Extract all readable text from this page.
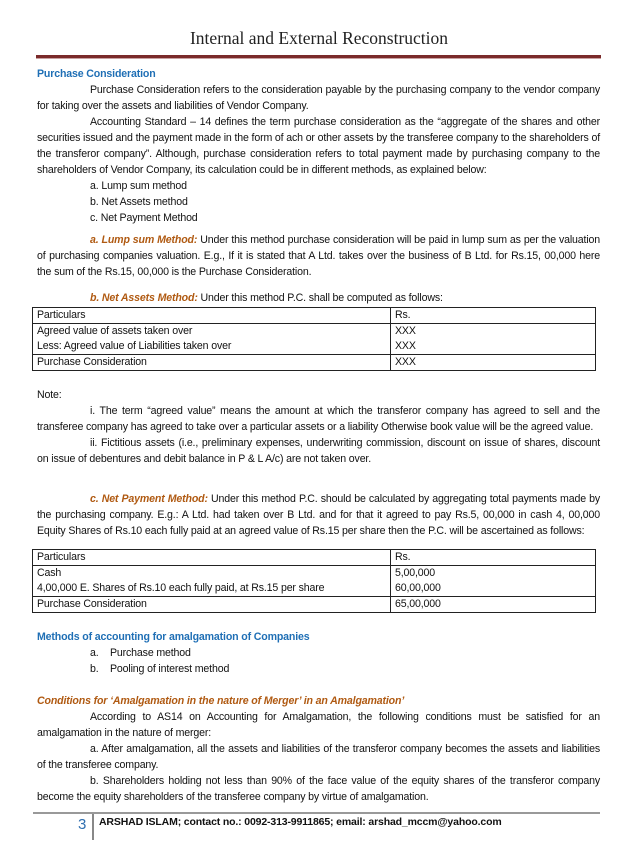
Internal and External Reconstruction
Purchase Consideration

Purchase Consideration refers to the consideration payable by the purchasing company to the vendor company for taking over the assets and liabilities of Vendor Company.

Accounting Standard – 14 defines the term purchase consideration as the “aggregate of the shares and other securities issued and the payment made in the form of ach or other assets by the transferee company to the shareholders of the transferor company”. Although, purchase consideration refers to total payment made by purchasing company to the shareholders of Vendor Company, its calculation could be in different methods, as explained below:

a. Lump sum method
b. Net Assets method
c. Net Payment Method

a. Lump sum Method: Under this method purchase consideration will be paid in lump sum as per the valuation of purchasing companies valuation. E.g., If it is stated that A Ltd. takes over the business of B Ltd. for Rs.15, 00,000 here the sum of the Rs.15, 00,000 is the Purchase Consideration.

b. Net Assets Method: Under this method P.C. shall be computed as follows:

Particulars	Rs.
Agreed value of assets taken over	XXX
Less: Agreed value of Liabilities taken over	XXX
Purchase Consideration	XXX

Note:

i. The term “agreed value” means the amount at which the transferor company has agreed to sell and the transferee company has agreed to take over a particular assets or a liability Otherwise book value will be the agreed value.

ii. Fictitious assets (i.e., preliminary expenses, underwriting commission, discount on issue of shares, discount on issue of debentures and debit balance in P & L A/c) are not taken over.

c. Net Payment Method: Under this method P.C. should be calculated by aggregating total payments made by the purchasing company. E.g.: A Ltd. had taken over B Ltd. and for that it agreed to pay Rs.5, 00,000 in cash 4, 00,000 Equity Shares of Rs.10 each fully paid at an agreed value of Rs.15 per share then the P.C. will be ascertained as follows:

Particulars	Rs.
Cash	5,00,000
4,00,000 E. Shares of Rs.10 each fully paid, at Rs.15 per share	60,00,000
Purchase Consideration	65,00,000
Methods of accounting for amalgamation of Companies
a. Purchase method
b. Pooling of interest method
Conditions for ‘Amalgamation in the nature of Merger’ in an Amalgamation’

According to AS14 on Accounting for Amalgamation, the following conditions must be satisfied for an amalgamation in the nature of merger:

a. After amalgamation, all the assets and liabilities of the transferor company becomes the assets and liabilities of the transferee company.

b. Shareholders holding not less than 90% of the face value of the equity shares of the transferor company become the equity shareholders of the transferee company by virtue of amalgamation.

3 ARSHAD ISLAM; contact no.: 0092-313-9911865; email: arshad_mccm@yahoo.com
